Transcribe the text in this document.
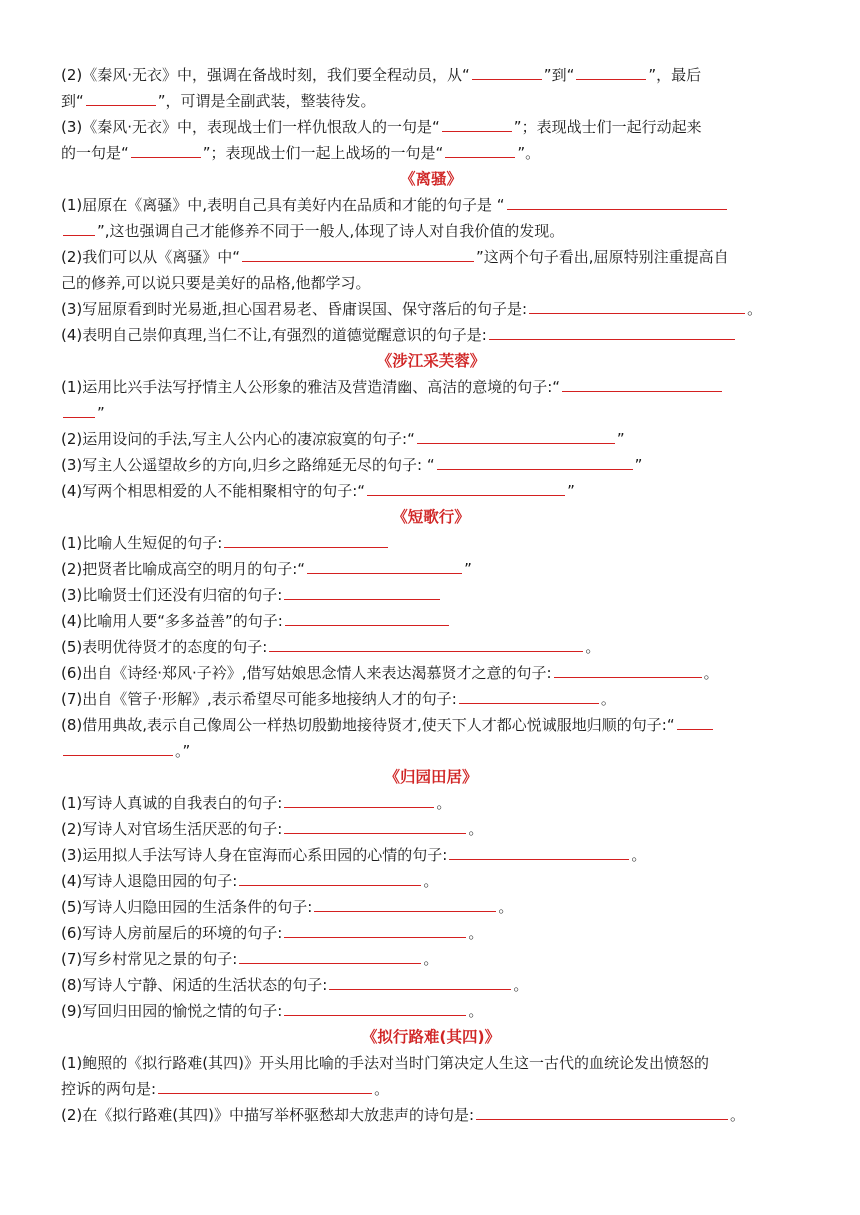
(2)《秦风·无衣》中，强调在备战时刻，我们要全程动员，从“	”到“	”，最后
到“	”，可谓是全副武装，整装待发。
(3)《秦风·无衣》中，表现战士们一样仇恨敌人的一句是“	”；表现战士们一起行动起来
的一句是“	”；表现战士们一起上战场的一句是“	”。
《离骚》
(1)屈原在《离骚》中,表明自己具有美好内在品质和才能的句子是 “
”,这也强调自己才能修养不同于一般人,体现了诗人对自我价值的发现。
(2)我们可以从《离骚》中“	”这两个句子看出,屈原特别注重提高自
己的修养,可以说只要是美好的品格,他都学习。
(3)写屈原看到时光易逝,担心国君易老、昏庸误国、保守落后的句子是:	。
(4)表明自己崇仰真理,当仁不让,有强烈的道德觉醒意识的句子是:
《涉江采芙蓉》
(1)运用比兴手法写抒情主人公形象的雅洁及营造清幽、高洁的意境的句子:“
”
(2)运用设问的手法,写主人公内心的凄凉寂寞的句子:“	”
(3)写主人公遥望故乡的方向,归乡之路绵延无尽的句子: “	”
(4)写两个相思相爱的人不能相聚相守的句子:“	”
《短歌行》
(1)比喻人生短促的句子:
(2)把贤者比喻成高空的明月的句子:“	”
(3)比喻贤士们还没有归宿的句子:
(4)比喻用人要“多多益善”的句子:
(5)表明优待贤才的态度的句子:	。
(6)出自《诗经·郑风·子衿》,借写姑娘思念情人来表达渴慕贤才之意的句子:	。
(7)出自《管子·形解》,表示希望尽可能多地接纳人才的句子:	。
(8)借用典故,表示自己像周公一样热切殷勤地接待贤才,使天下人才都心悦诚服地归顺的句子:“
。”
《归园田居》
(1)写诗人真诚的自我表白的句子:	。
(2)写诗人对官场生活厌恶的句子:	。
(3)运用拟人手法写诗人身在宦海而心系田园的心情的句子:	。
(4)写诗人退隐田园的句子:	。
(5)写诗人归隐田园的生活条件的句子:	。
(6)写诗人房前屋后的环境的句子:	。
(7)写乡村常见之景的句子:	。
(8)写诗人宁静、闲适的生活状态的句子:	。
(9)写回归田园的愉悦之情的句子:	。
《拟行路难(其四)》
(1)鲍照的《拟行路难(其四)》开头用比喻的手法对当时门第决定人生这一古代的血统论发出愤怒的
控诉的两句是:	。
(2)在《拟行路难(其四)》中描写举杯驱愁却大放悲声的诗句是:	。
